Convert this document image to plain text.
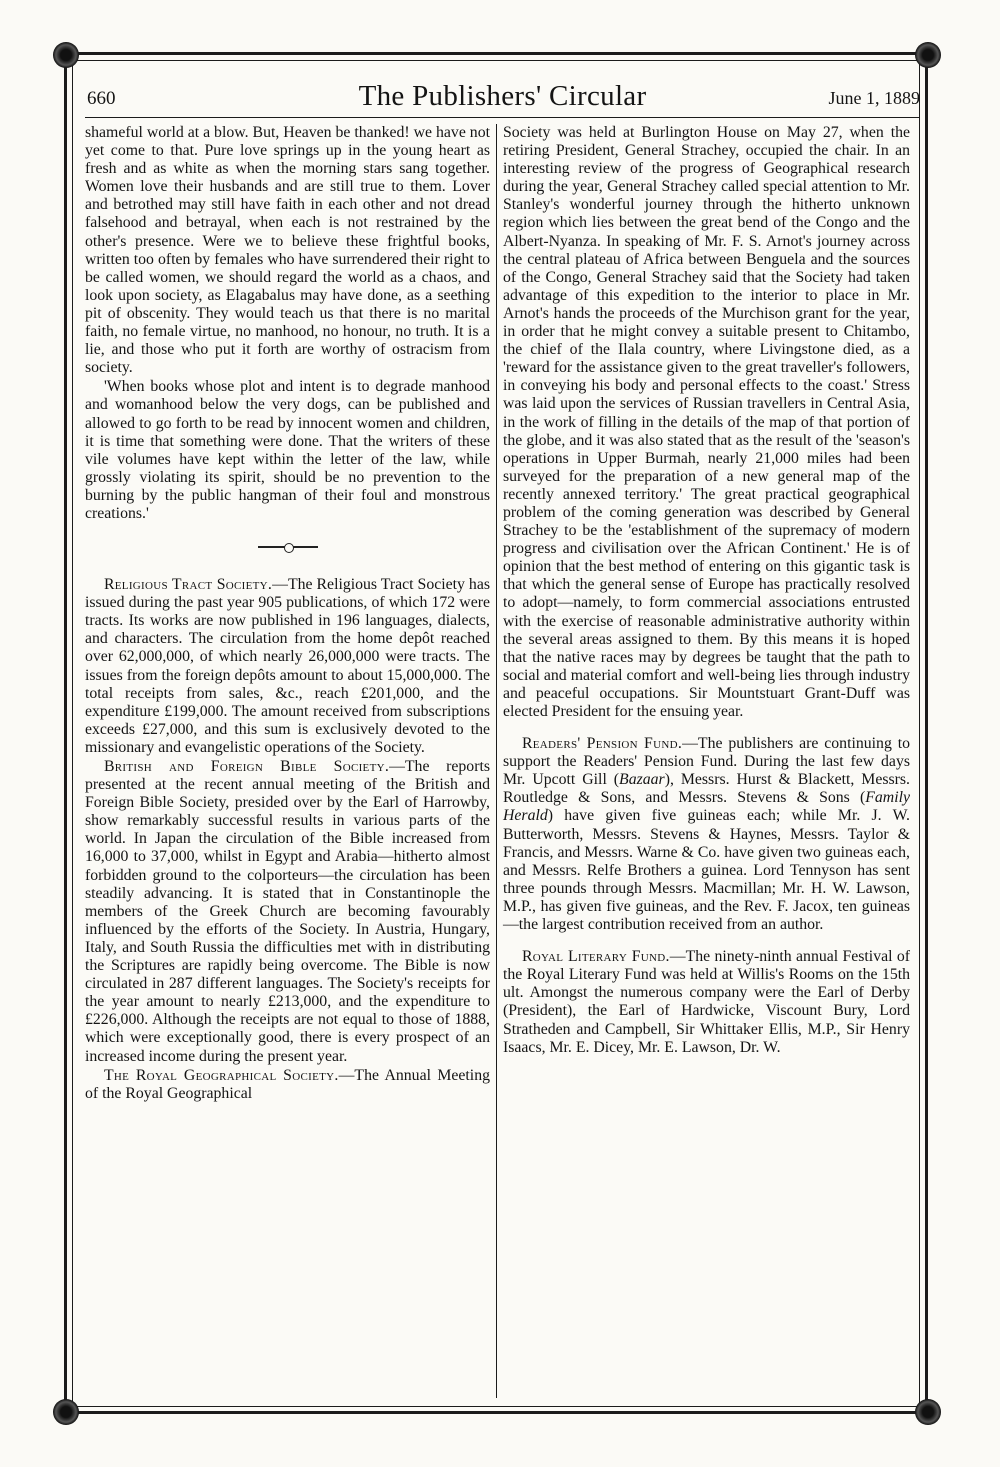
660	The Publishers' Circular	June 1, 1889

shameful world at a blow. But, Heaven be thanked! we have not yet come to that. Pure love springs up in the young heart as fresh and as white as when the morning stars sang together. Women love their husbands and are still true to them. Lover and betrothed may still have faith in each other and not dread falsehood and betrayal, when each is not restrained by the other's presence. Were we to believe these frightful books, written too often by females who have surrendered their right to be called women, we should regard the world as a chaos, and look upon society, as Elagabalus may have done, as a seething pit of obscenity. They would teach us that there is no marital faith, no female virtue, no manhood, no honour, no truth. It is a lie, and those who put it forth are worthy of ostracism from society.

'When books whose plot and intent is to degrade manhood and womanhood below the very dogs, can be published and allowed to go forth to be read by innocent women and children, it is time that something were done. That the writers of these vile volumes have kept within the letter of the law, while grossly violating its spirit, should be no prevention to the burning by the public hangman of their foul and monstrous creations.'

Religious Tract Society.—The Religious Tract Society has issued during the past year 905 publications, of which 172 were tracts. Its works are now published in 196 languages, dialects, and characters. The circulation from the home depôt reached over 62,000,000, of which nearly 26,000,000 were tracts. The issues from the foreign depôts amount to about 15,000,000. The total receipts from sales, &c., reach £201,000, and the expenditure £199,000. The amount received from subscriptions exceeds £27,000, and this sum is exclusively devoted to the missionary and evangelistic operations of the Society.

British and Foreign Bible Society.—The reports presented at the recent annual meeting of the British and Foreign Bible Society, presided over by the Earl of Harrowby, show remarkably successful results in various parts of the world. In Japan the circulation of the Bible increased from 16,000 to 37,000, whilst in Egypt and Arabia—hitherto almost forbidden ground to the colporteurs—the circulation has been steadily advancing. It is stated that in Constantinople the members of the Greek Church are becoming favourably influenced by the efforts of the Society. In Austria, Hungary, Italy, and South Russia the difficulties met with in distributing the Scriptures are rapidly being overcome. The Bible is now circulated in 287 different languages. The Society's receipts for the year amount to nearly £213,000, and the expenditure to £226,000. Although the receipts are not equal to those of 1888, which were exceptionally good, there is every prospect of an increased income during the present year.

The Royal Geographical Society.—The Annual Meeting of the Royal Geographical

Society was held at Burlington House on May 27, when the retiring President, General Strachey, occupied the chair. In an interesting review of the progress of Geographical research during the year, General Strachey called special attention to Mr. Stanley's wonderful journey through the hitherto unknown region which lies between the great bend of the Congo and the Albert-Nyanza. In speaking of Mr. F. S. Arnot's journey across the central plateau of Africa between Benguela and the sources of the Congo, General Strachey said that the Society had taken advantage of this expedition to the interior to place in Mr. Arnot's hands the proceeds of the Murchison grant for the year, in order that he might convey a suitable present to Chitambo, the chief of the Ilala country, where Livingstone died, as a 'reward for the assistance given to the great traveller's followers, in conveying his body and personal effects to the coast.' Stress was laid upon the services of Russian travellers in Central Asia, in the work of filling in the details of the map of that portion of the globe, and it was also stated that as the result of the 'season's operations in Upper Burmah, nearly 21,000 miles had been surveyed for the preparation of a new general map of the recently annexed territory.' The great practical geographical problem of the coming generation was described by General Strachey to be the 'establishment of the supremacy of modern progress and civilisation over the African Continent.' He is of opinion that the best method of entering on this gigantic task is that which the general sense of Europe has practically resolved to adopt—namely, to form commercial associations entrusted with the exercise of reasonable administrative authority within the several areas assigned to them. By this means it is hoped that the native races may by degrees be taught that the path to social and material comfort and well-being lies through industry and peaceful occupations. Sir Mountstuart Grant-Duff was elected President for the ensuing year.

Readers' Pension Fund.—The publishers are continuing to support the Readers' Pension Fund. During the last few days Mr. Upcott Gill (Bazaar), Messrs. Hurst & Blackett, Messrs. Routledge & Sons, and Messrs. Stevens & Sons (Family Herald) have given five guineas each; while Mr. J. W. Butterworth, Messrs. Stevens & Haynes, Messrs. Taylor & Francis, and Messrs. Warne & Co. have given two guineas each, and Messrs. Relfe Brothers a guinea. Lord Tennyson has sent three pounds through Messrs. Macmillan; Mr. H. W. Lawson, M.P., has given five guineas, and the Rev. F. Jacox, ten guineas—the largest contribution received from an author.

Royal Literary Fund.—The ninety-ninth annual Festival of the Royal Literary Fund was held at Willis's Rooms on the 15th ult. Amongst the numerous company were the Earl of Derby (President), the Earl of Hardwicke, Viscount Bury, Lord Stratheden and Campbell, Sir Whittaker Ellis, M.P., Sir Henry Isaacs, Mr. E. Dicey, Mr. E. Lawson, Dr. W.
